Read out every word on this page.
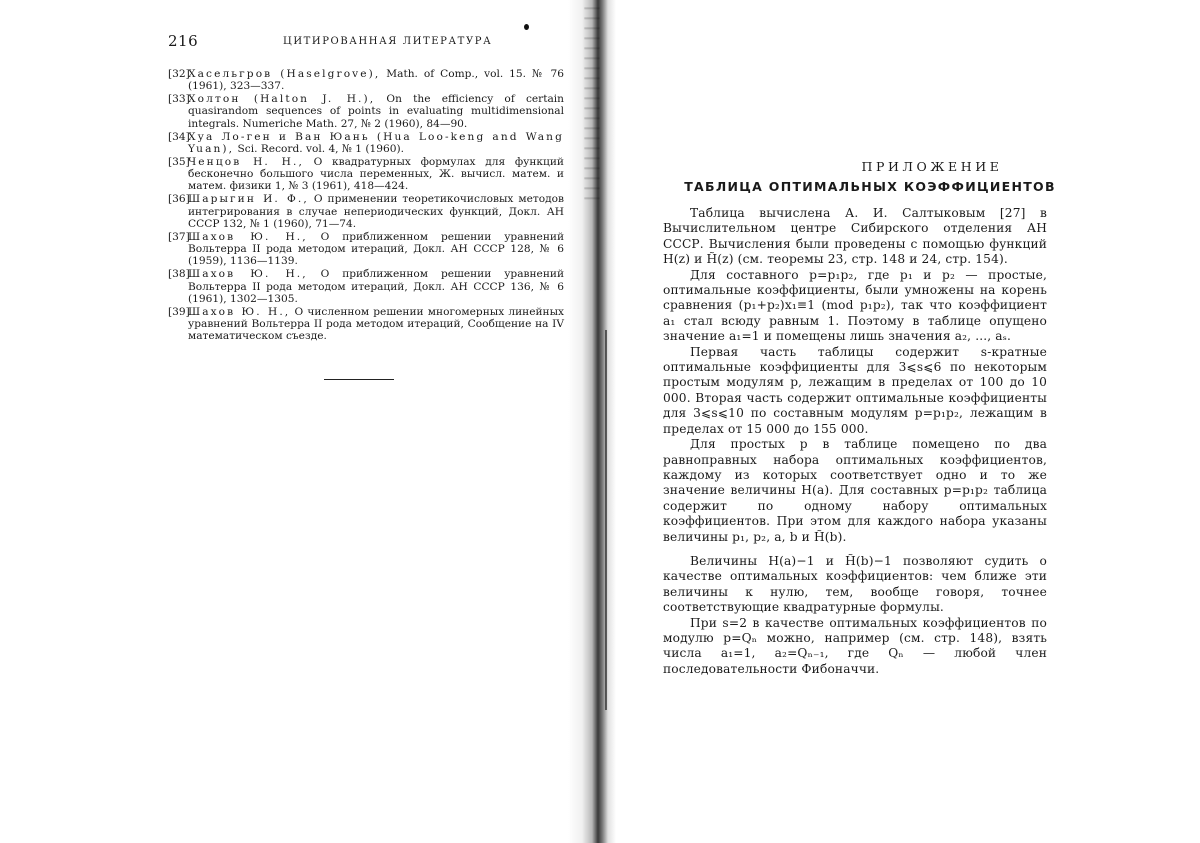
216	ЦИТИРОВАННАЯ ЛИТЕРАТУРА
[32]
Хасельгров (Haselgrove), Math. of Comp., vol. 15. № 76 (1961), 323—337.
[33]
Холтон (Halton J. H.), On the efficiency of certain quasirandom sequences of points in evaluating multidimensional integrals. Numeriche Math. 27, № 2 (1960), 84—90.
[34]
Хуа Ло-ген и Ван Юань (Hua Loo-keng and Wang Yuan), Sci. Record. vol. 4, № 1 (1960).
[35]
Ченцов Н. Н., О квадратурных формулах для функций бесконечно большого числа переменных, Ж. вычисл. матем. и матем. физики 1, № 3 (1961), 418—424.
[36]
Шарыгин И. Ф., О применении теоретикочисловых методов интегрирования в случае непериодических функций, Докл. АН СССР 132, № 1 (1960), 71—74.
[37]
Шахов Ю. Н., О приближенном решении уравнений Вольтерра II рода методом итераций, Докл. АН СССР 128, № 6 (1959), 1136—1139.
[38]
Шахов Ю. Н., О приближенном решении уравнений Вольтерра II рода методом итераций, Докл. АН СССР 136, № 6 (1961), 1302—1305.
[39]
Шахов Ю. Н., О численном решении многомерных линейных уравнений Вольтерра II рода методом итераций, Сообщение на IV математическом съезде.
ПРИЛОЖЕНИЕ
ТАБЛИЦА ОПТИМАЛЬНЫХ КОЭФФИЦИЕНТОВ

Таблица вычислена А. И. Салтыковым [27] в Вычислительном центре Сибирского отделения АН СССР. Вычисления были проведены с помощью функций H(z) и H̃(z) (см. теоремы 23, стр. 148 и 24, стр. 154).

Для составного p=p₁p₂, где p₁ и p₂ — простые, оптимальные коэффициенты, были умножены на корень сравнения (p₁+p₂)x₁≡1 (mod p₁p₂), так что коэффициент a₁ стал всюду равным 1. Поэтому в таблице опущено значение a₁=1 и помещены лишь значения a₂, ..., aₛ.

Первая часть таблицы содержит s-кратные оптимальные коэффициенты для 3⩽s⩽6 по некоторым простым модулям p, лежащим в пределах от 100 до 10 000. Вторая часть содержит оптимальные коэффициенты для 3⩽s⩽10 по составным модулям p=p₁p₂, лежащим в пределах от 15 000 до 155 000.

Для простых p в таблице помещено по два равноправных набора оптимальных коэффициентов, каждому из которых соответствует одно и то же значение величины H(a). Для составных p=p₁p₂ таблица содержит по одному набору оптимальных коэффициентов. При этом для каждого набора указаны величины p₁, p₂, a, b и H̃(b).

Величины H(a)−1 и H̃(b)−1 позволяют судить о качестве оптимальных коэффициентов: чем ближе эти величины к нулю, тем, вообще говоря, точнее соответствующие квадратурные формулы.

При s=2 в качестве оптимальных коэффициентов по модулю p=Qₙ можно, например (см. стр. 148), взять числа a₁=1, a₂=Qₙ₋₁, где Qₙ — любой член последовательности Фибоначчи.
